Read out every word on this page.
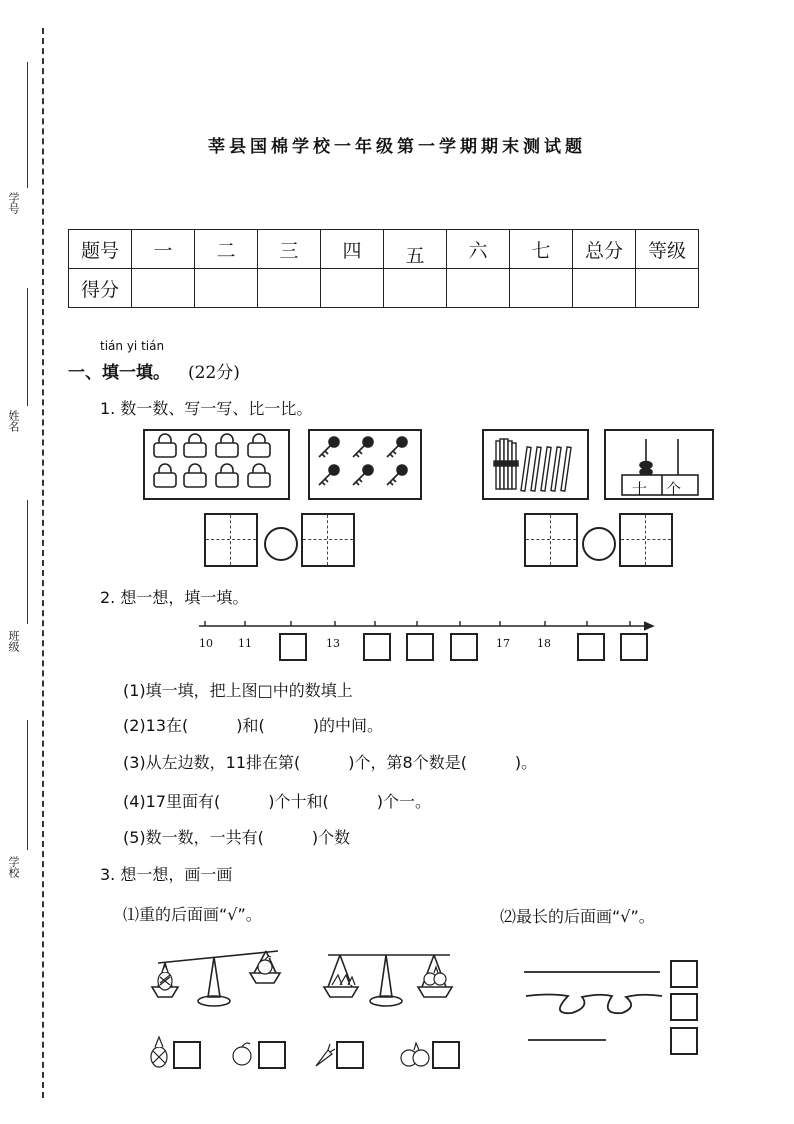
学号
姓名
班级
学校
莘县国棉学校一年级第一学期期末测试题
题号	一	二	三	四	五	六	七	总分	等级
得分									
tián yi tián
一、填一填。 (22分)
1. 数一数、写一写、比一比。
十 个
2. 想一想，填一填。
10 11	13	17 18
(1)填一填，把上图□中的数填上
(2)13在(　　　)和(　　　)的中间。
(3)从左边数，11排在第(　　　)个，第8个数是(　　　)。
(4)17里面有(　　　)个十和(　　　)个一。
(5)数一数，一共有(　　　)个数
3. 想一想，画一画
⑴重的后面画“√”。	⑵最长的后面画“√”。
